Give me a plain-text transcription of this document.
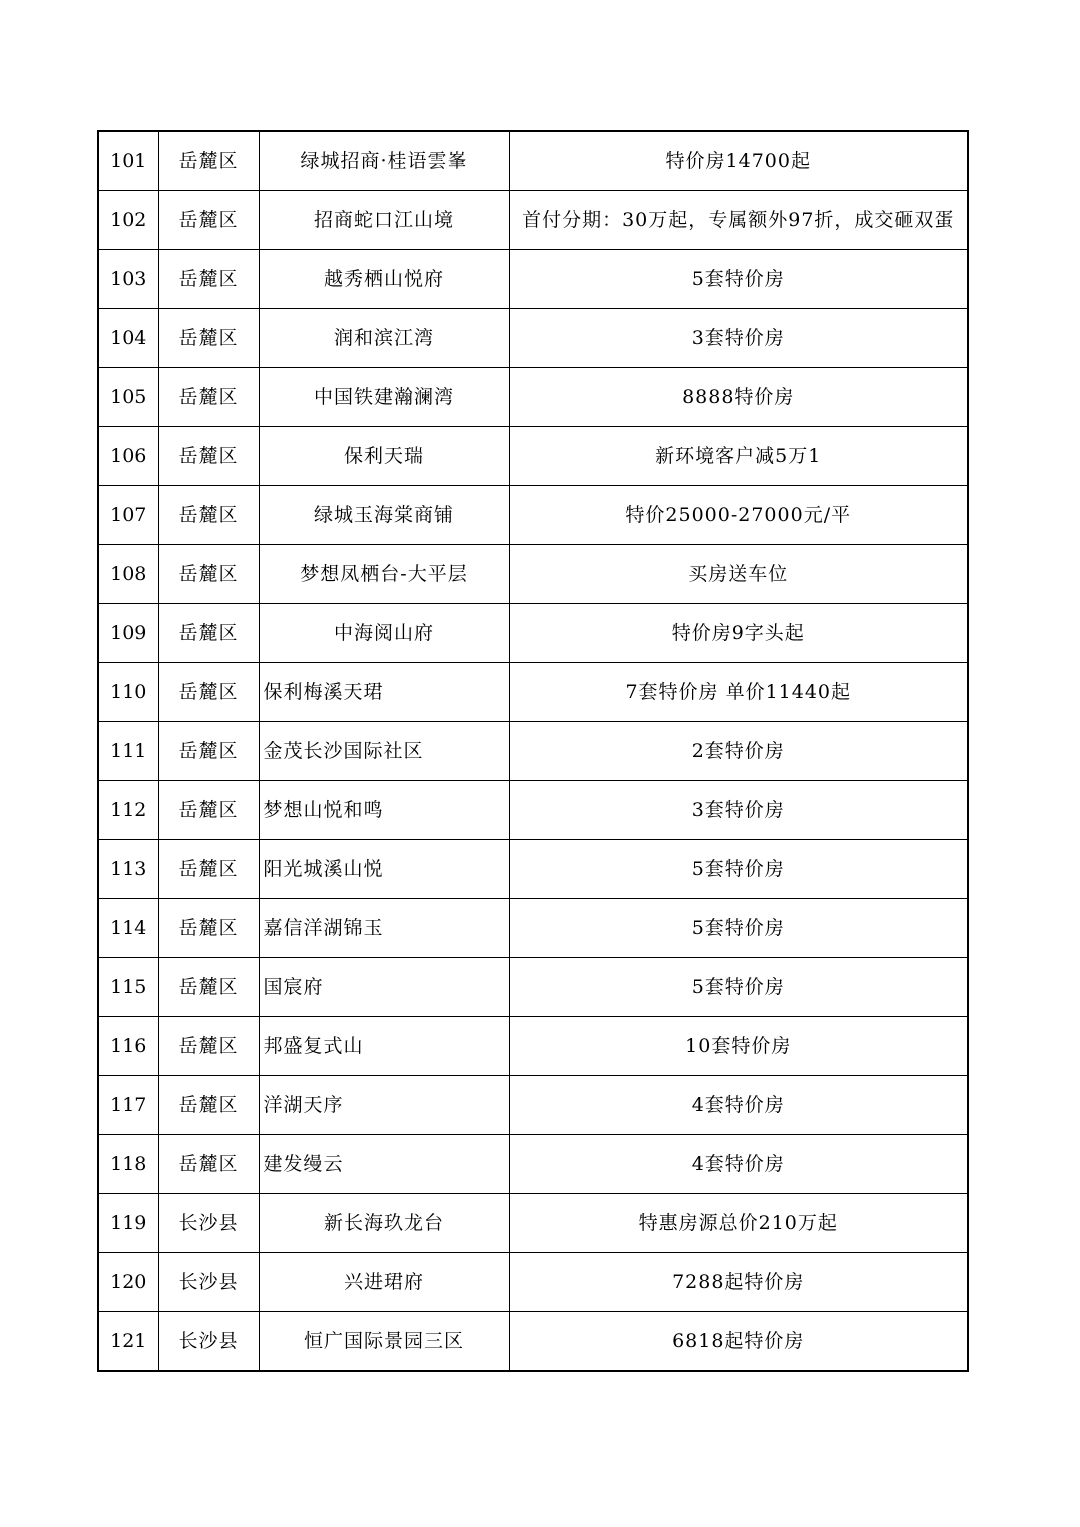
101	岳麓区	绿城招商·桂语雲峯	特价房14700起
102	岳麓区	招商蛇口江山境	首付分期：30万起，专属额外97折，成交砸双蛋
103	岳麓区	越秀栖山悦府	5套特价房
104	岳麓区	润和滨江湾	3套特价房
105	岳麓区	中国铁建瀚澜湾	8888特价房
106	岳麓区	保利天瑞	新环境客户减5万1
107	岳麓区	绿城玉海棠商铺	特价25000-27000元/平
108	岳麓区	梦想凤栖台-大平层	买房送车位
109	岳麓区	中海阅山府	特价房9字头起
110	岳麓区	保利梅溪天珺	7套特价房 单价11440起
111	岳麓区	金茂长沙国际社区	2套特价房
112	岳麓区	梦想山悦和鸣	3套特价房
113	岳麓区	阳光城溪山悦	5套特价房
114	岳麓区	嘉信洋湖锦玉	5套特价房
115	岳麓区	国宸府	5套特价房
116	岳麓区	邦盛复式山	10套特价房
117	岳麓区	洋湖天序	4套特价房
118	岳麓区	建发缦云	4套特价房
119	长沙县	新长海玖龙台	特惠房源总价210万起
120	长沙县	兴进珺府	7288起特价房
121	长沙县	恒广国际景园三区	6818起特价房
